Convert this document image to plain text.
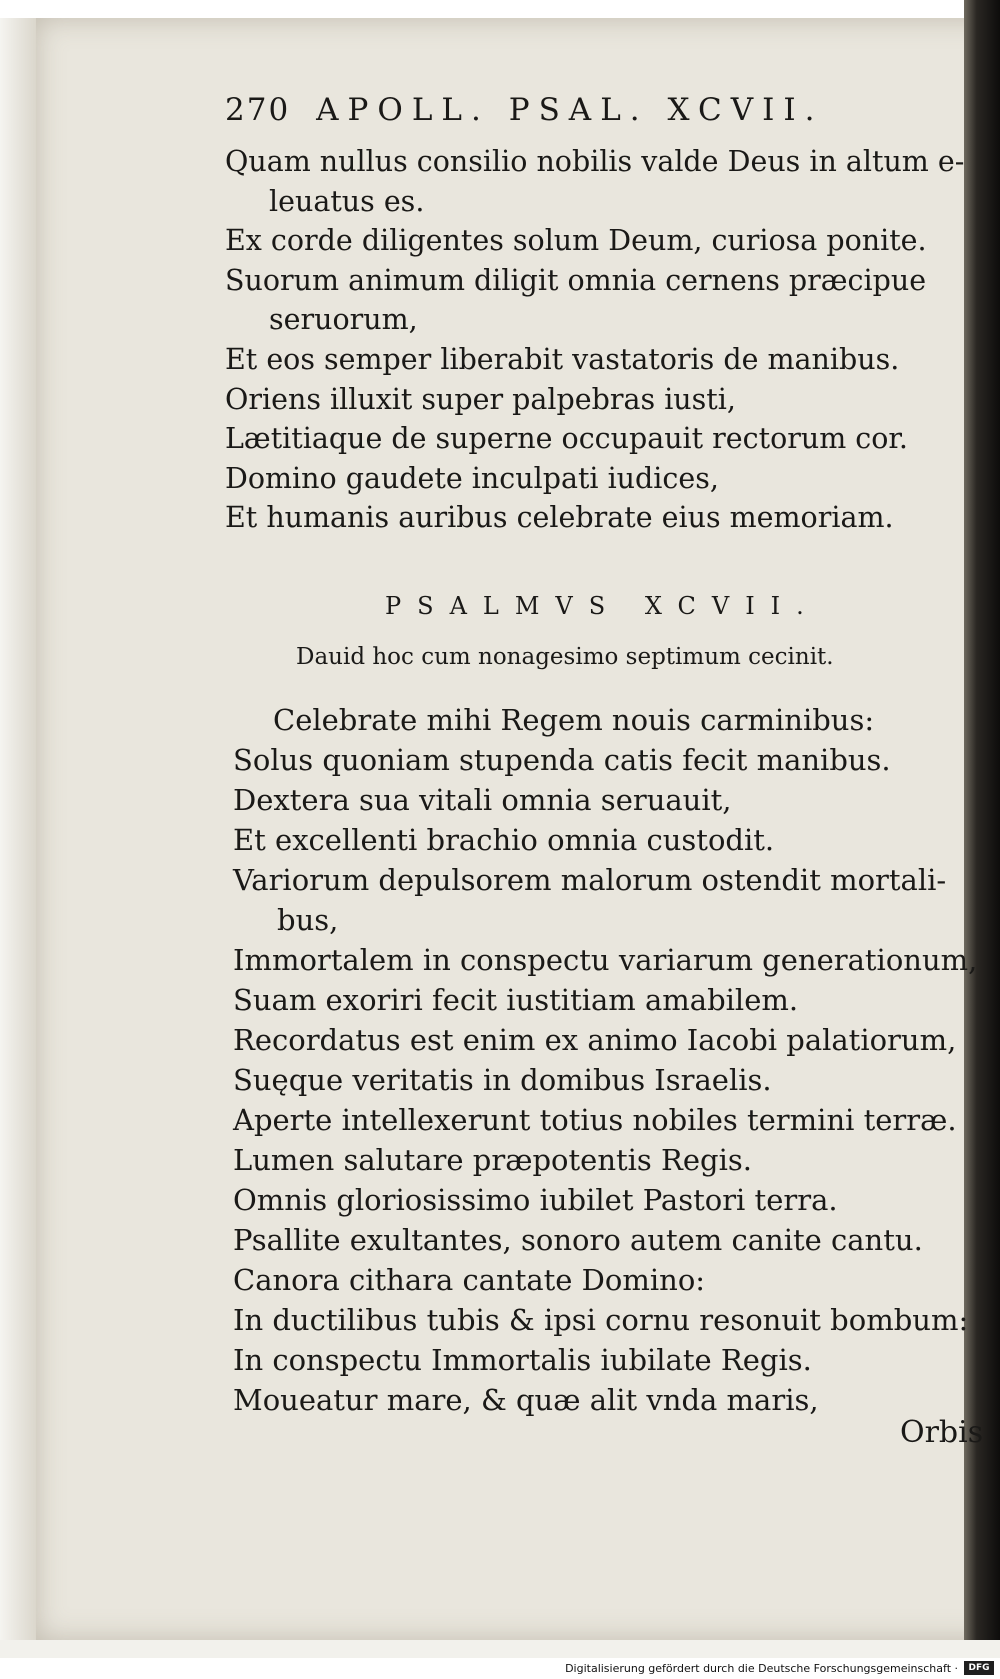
270 APOLL. PSAL. XCVII.
Quam nullus consilio nobilis valde Deus in altum e-
leuatus es.
Ex corde diligentes solum Deum, curiosa ponite.
Suorum animum diligit omnia cernens præcipue
seruorum,
Et eos semper liberabit vastatoris de manibus.
Oriens illuxit super palpebras iusti,
Lætitiaque de superne occupauit rectorum cor.
Domino gaudete inculpati iudices,
Et humanis auribus celebrate eius memoriam.
PSALMVS XCVII.
Dauid hoc cum nonagesimo septimum cecinit.
Celebrate mihi Regem nouis carminibus:
Solus quoniam stupenda catis fecit manibus.
Dextera sua vitali omnia seruauit,
Et excellenti brachio omnia custodit.
Variorum depulsorem malorum ostendit mortali-
bus,
Immortalem in conspectu variarum generationum,
Suam exoriri fecit iustitiam amabilem.
Recordatus est enim ex animo Iacobi palatiorum,
Suęque veritatis in domibus Israelis.
Aperte intellexerunt totius nobiles termini terræ.
Lumen salutare præpotentis Regis.
Omnis gloriosissimo iubilet Pastori terra.
Psallite exultantes, sonoro autem canite cantu.
Canora cithara cantate Domino:
In ductilibus tubis & ipsi cornu resonuit bombum:
In conspectu Immortalis iubilate Regis.
Moueatur mare, & quæ alit vnda maris,
Orbis
Digitalisierung gefördert durch die Deutsche Forschungsgemeinschaft ·	DFG
